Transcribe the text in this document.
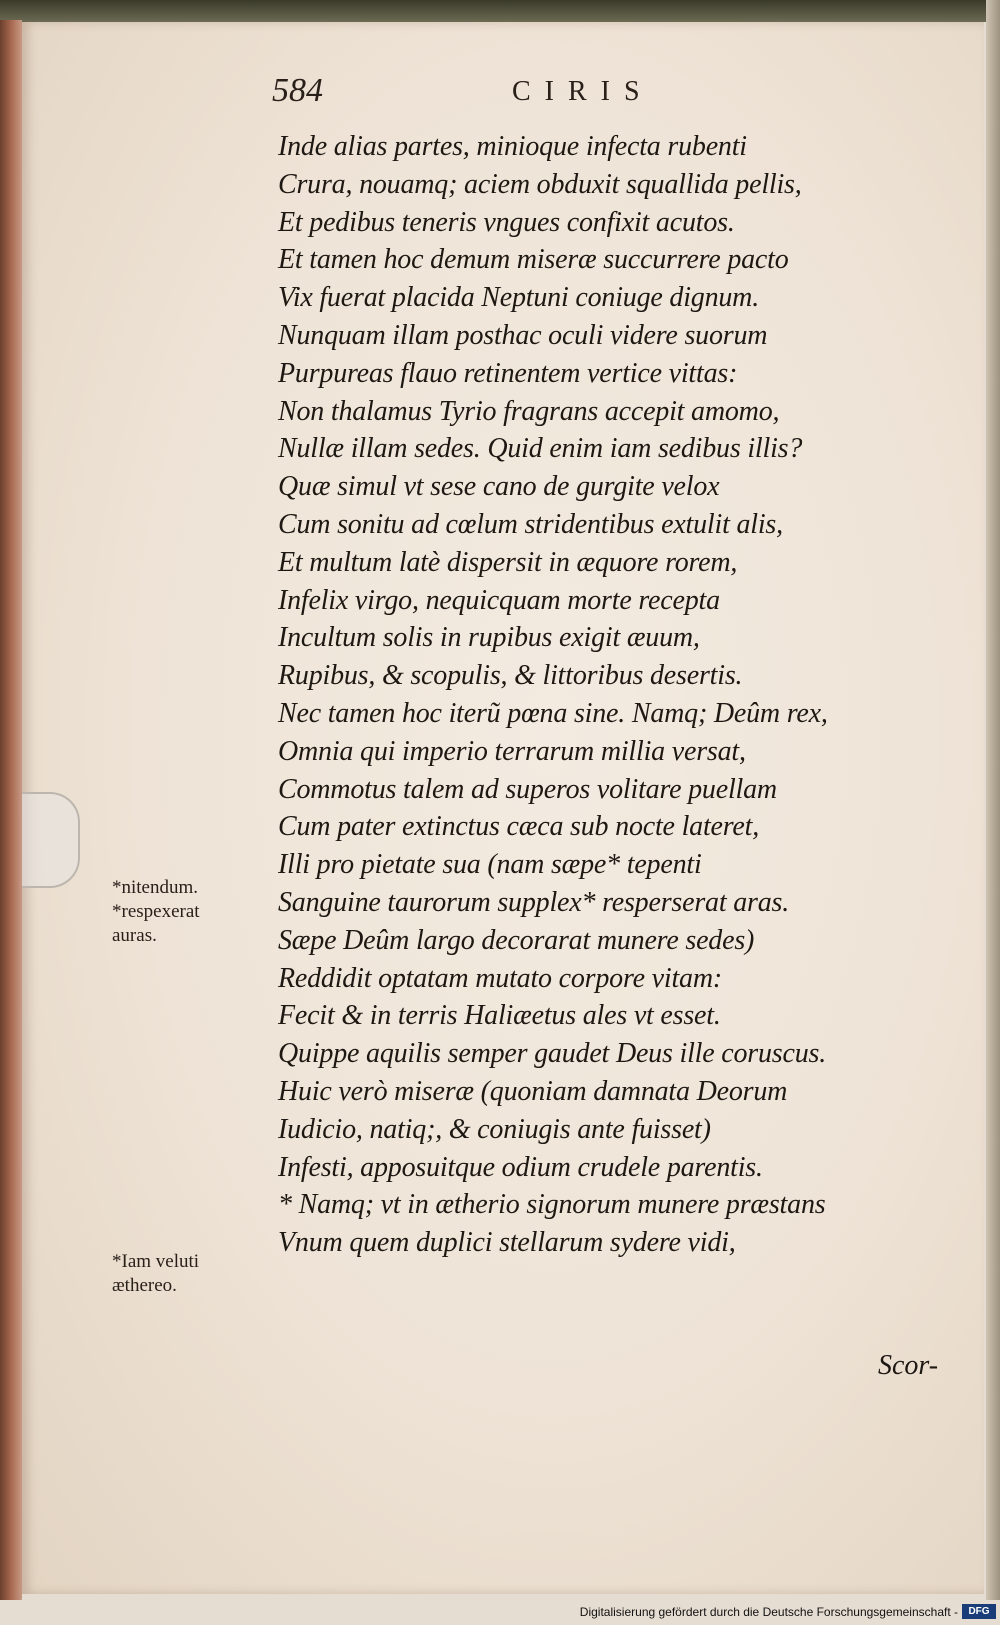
584	CIRIS
Inde alias partes, minioque infecta rubenti
Crura, nouamq; aciem obduxit squallida pellis,
Et pedibus teneris vngues confixit acutos.
Et tamen hoc demum miseræ succurrere pacto
Vix fuerat placida Neptuni coniuge dignum.
Nunquam illam posthac oculi videre suorum
Purpureas flauo retinentem vertice vittas:
Non thalamus Tyrio fragrans accepit amomo,
Nullæ illam sedes. Quid enim iam sedibus illis?
Quæ simul vt sese cano de gurgite velox
Cum sonitu ad cœlum stridentibus extulit alis,
Et multum latè dispersit in æquore rorem,
Infelix virgo, nequicquam morte recepta
Incultum solis in rupibus exigit æuum,
Rupibus, & scopulis, & littoribus desertis.
Nec tamen hoc iterũ pœna sine. Namq; Deûm rex,
Omnia qui imperio terrarum millia versat,
Commotus talem ad superos volitare puellam
Cum pater extinctus cæca sub nocte lateret,
Illi pro pietate sua (nam sæpe* tepenti
Sanguine taurorum supplex* resperserat aras.
Sæpe Deûm largo decorarat munere sedes)
Reddidit optatam mutato corpore vitam:
Fecit & in terris Haliæetus ales vt esset.
Quippe aquilis semper gaudet Deus ille coruscus.
Huic verò miseræ (quoniam damnata Deorum
Iudicio, natiq;, & coniugis ante fuisset)
Infesti, apposuitque odium crudele parentis.
* Namq; vt in ætherio signorum munere præstans
Vnum quem duplici stellarum sydere vidi,
Scor-
*nitendum.
*respexerat
auras.
*Iam veluti
æthereo.
Digitalisierung gefördert durch die Deutsche Forschungsgemeinschaft -	DFG
